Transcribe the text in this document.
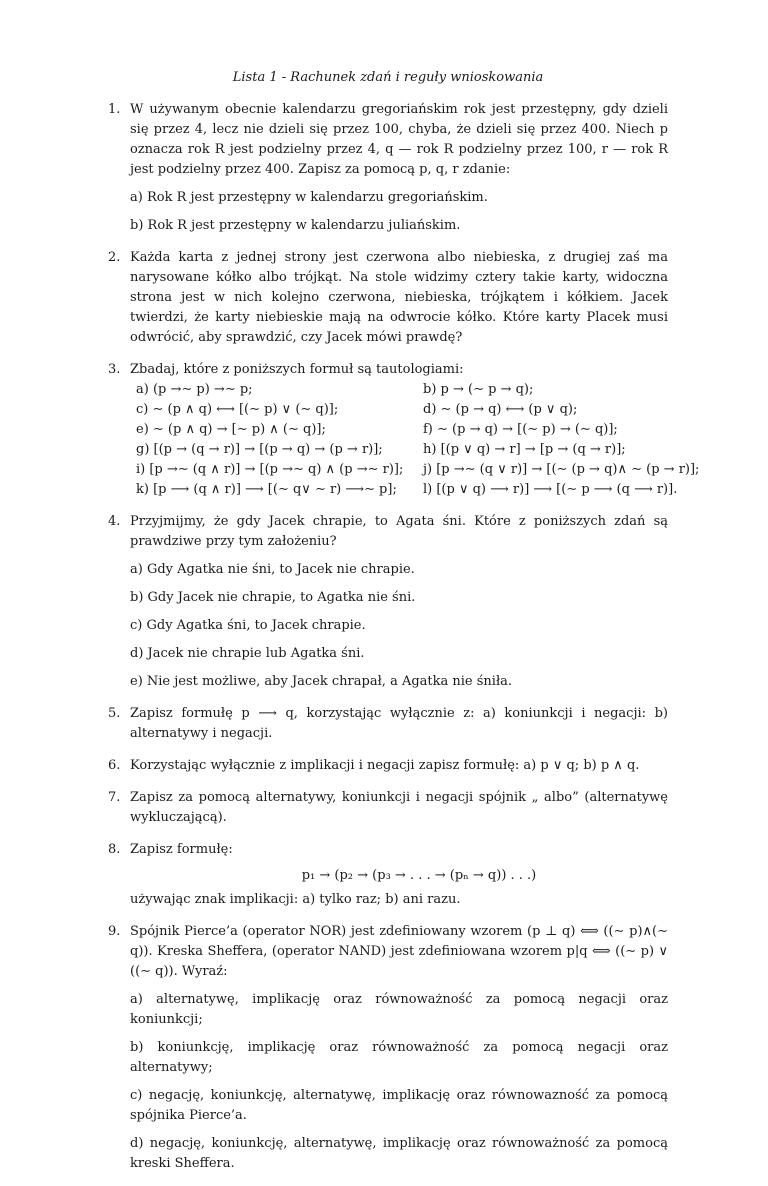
Lista 1 - Rachunek zdań i reguły wnioskowania
1. W używanym obecnie kalendarzu gregoriańskim rok jest przestępny, gdy dzieli się przez 4, lecz nie dzieli się przez 100, chyba, że dzieli się przez 400. Niech p oznacza rok R jest podzielny przez 4, q — rok R podzielny przez 100, r — rok R jest podzielny przez 400. Zapisz za pomocą p, q, r zdanie:
a) Rok R jest przestępny w kalendarzu gregoriańskim.
b) Rok R jest przestępny w kalendarzu juliańskim.
2. Każda karta z jednej strony jest czerwona albo niebieska, z drugiej zaś ma narysowane kółko albo trójkąt. Na stole widzimy cztery takie karty, widoczna strona jest w nich kolejno czerwona, niebieska, trójkątem i kółkiem. Jacek twierdzi, że karty niebieskie mają na odwrocie kółko. Które karty Placek musi odwrócić, aby sprawdzić, czy Jacek mówi prawdę?
3. Zbadaj, które z poniższych formuł są tautologiami:
a) (p →∼ p) →∼ p;	b) p → (∼ p → q);
c) ∼ (p ∧ q) ⟷ [(∼ p) ∨ (∼ q)];	d) ∼ (p → q) ⟷ (p ∨ q);
e) ∼ (p ∧ q) → [∼ p) ∧ (∼ q)];	f) ∼ (p → q) → [(∼ p) → (∼ q)];
g) [(p → (q → r)] → [(p → q) → (p → r)];	h) [(p ∨ q) → r] → [p → (q → r)];
i) [p →∼ (q ∧ r)] → [(p →∼ q) ∧ (p →∼ r)];	j) [p →∼ (q ∨ r)] → [(∼ (p → q)∧ ∼ (p → r)];
k) [p ⟶ (q ∧ r)] ⟶ [(∼ q∨ ∼ r) ⟶∼ p];	l) [(p ∨ q) ⟶ r)] ⟶ [(∼ p ⟶ (q ⟶ r)].
4. Przyjmijmy, że gdy Jacek chrapie, to Agata śni. Które z poniższych zdań są prawdziwe przy tym założeniu?
a) Gdy Agatka nie śni, to Jacek nie chrapie.
b) Gdy Jacek nie chrapie, to Agatka nie śni.
c) Gdy Agatka śni, to Jacek chrapie.
d) Jacek nie chrapie lub Agatka śni.
e) Nie jest możliwe, aby Jacek chrapał, a Agatka nie śniła.
5. Zapisz formułę p ⟶ q, korzystając wyłącznie z: a) koniunkcji i negacji: b) alternatywy i negacji.
6. Korzystając wyłącznie z implikacji i negacji zapisz formułę: a) p ∨ q; b) p ∧ q.
7. Zapisz za pomocą alternatywy, koniunkcji i negacji spójnik „ albo” (alternatywę wykluczającą).
8. Zapisz formułę:
p₁ → (p₂ → (p₃ → . . . → (pₙ → q)) . . .)
używając znak implikacji: a) tylko raz; b) ani razu.
9. Spójnik Pierce’a (operator NOR) jest zdefiniowany wzorem (p ⊥ q) ⟺ ((∼ p)∧(∼ q)). Kreska Sheffera, (operator NAND) jest zdefiniowana wzorem p|q ⟺ ((∼ p) ∨ ((∼ q)). Wyraź:
a) alternatywę, implikację oraz równoważność za pomocą negacji oraz koniunkcji;
b) koniunkcję, implikację oraz równoważność za pomocą negacji oraz alternatywy;
c) negację, koniunkcję, alternatywę, implikację oraz równowazność za pomocą spójnika Pierce’a.
d) negację, koniunkcję, alternatywę, implikację oraz równoważność za pomocą kreski Sheffera.
